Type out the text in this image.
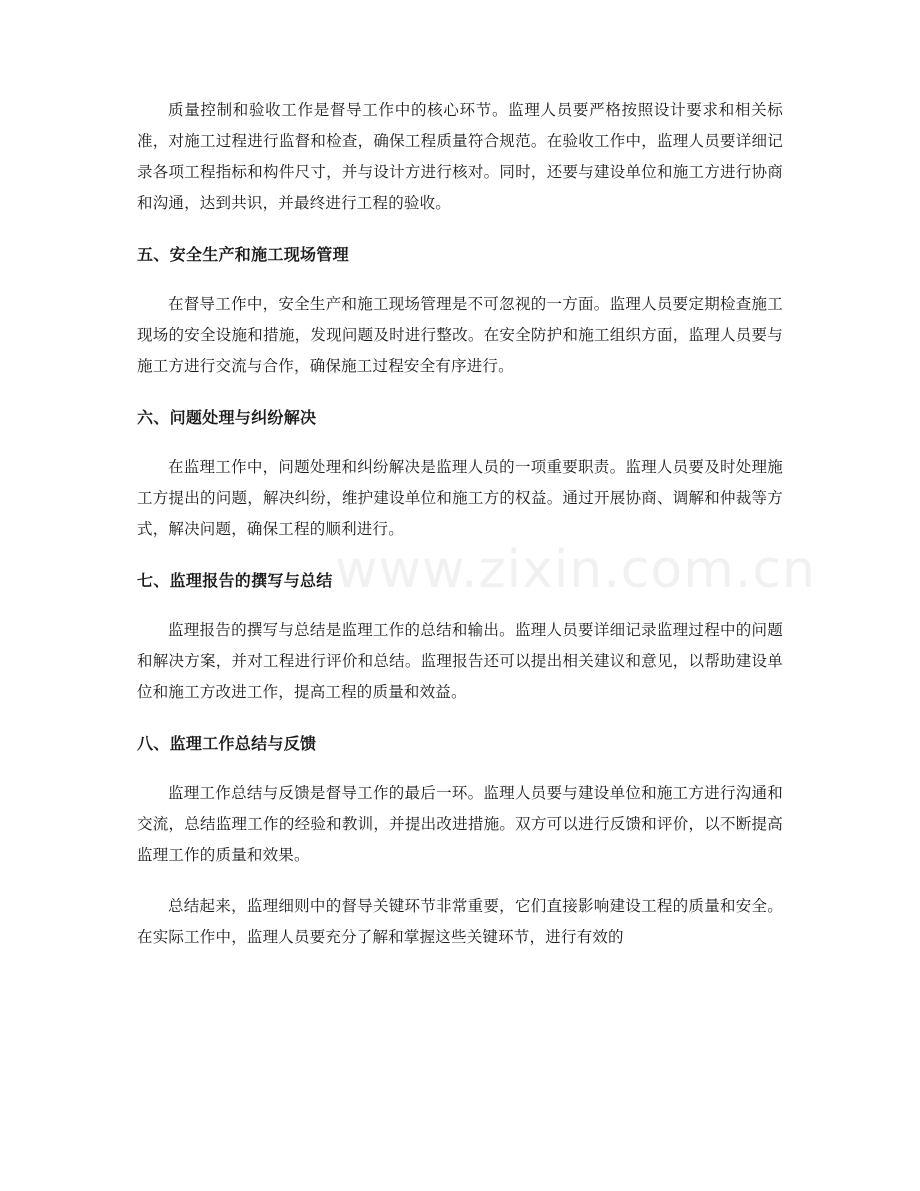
www.zixin.com.cn

质量控制和验收工作是督导工作中的核心环节。监理人员要严格按照设计要求和相关标准，对施工过程进行监督和检查，确保工程质量符合规范。在验收工作中，监理人员要详细记录各项工程指标和构件尺寸，并与设计方进行核对。同时，还要与建设单位和施工方进行协商和沟通，达到共识，并最终进行工程的验收。

五、安全生产和施工现场管理

在督导工作中，安全生产和施工现场管理是不可忽视的一方面。监理人员要定期检查施工现场的安全设施和措施，发现问题及时进行整改。在安全防护和施工组织方面，监理人员要与施工方进行交流与合作，确保施工过程安全有序进行。

六、问题处理与纠纷解决

在监理工作中，问题处理和纠纷解决是监理人员的一项重要职责。监理人员要及时处理施工方提出的问题，解决纠纷，维护建设单位和施工方的权益。通过开展协商、调解和仲裁等方式，解决问题，确保工程的顺利进行。

七、监理报告的撰写与总结

监理报告的撰写与总结是监理工作的总结和输出。监理人员要详细记录监理过程中的问题和解决方案，并对工程进行评价和总结。监理报告还可以提出相关建议和意见，以帮助建设单位和施工方改进工作，提高工程的质量和效益。

八、监理工作总结与反馈

监理工作总结与反馈是督导工作的最后一环。监理人员要与建设单位和施工方进行沟通和交流，总结监理工作的经验和教训，并提出改进措施。双方可以进行反馈和评价，以不断提高监理工作的质量和效果。

总结起来，监理细则中的督导关键环节非常重要，它们直接影响建设工程的质量和安全。在实际工作中，监理人员要充分了解和掌握这些关键环节，进行有效的
